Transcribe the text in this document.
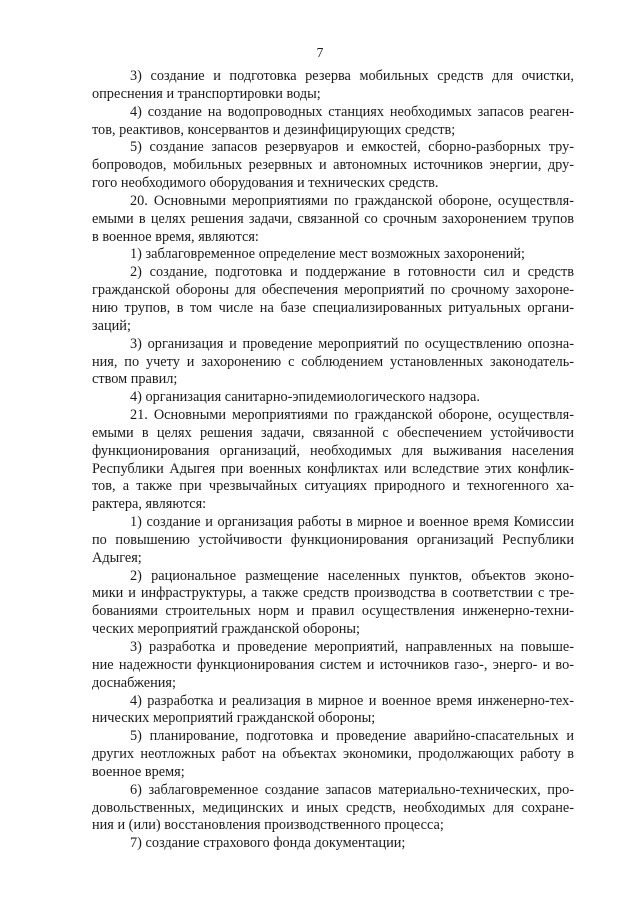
7
3) создание и подготовка резерва мобильных средств для очистки,
опреснения и транспортировки воды;
4) создание на водопроводных станциях необходимых запасов реаген-
тов, реактивов, консервантов и дезинфицирующих средств;
5) создание запасов резервуаров и емкостей, сборно-разборных тру-
бопроводов, мобильных резервных и автономных источников энергии, дру-
гого необходимого оборудования и технических средств.
20. Основными мероприятиями по гражданской обороне, осуществля-
емыми в целях решения задачи, связанной со срочным захоронением трупов
в военное время, являются:
1) заблаговременное определение мест возможных захоронений;
2) создание, подготовка и поддержание в готовности сил и средств
гражданской обороны для обеспечения мероприятий по срочному захороне-
нию трупов, в том числе на базе специализированных ритуальных органи-
заций;
3) организация и проведение мероприятий по осуществлению опозна-
ния, по учету и захоронению с соблюдением установленных законодатель-
ством правил;
4) организация санитарно-эпидемиологического надзора.
21. Основными мероприятиями по гражданской обороне, осуществля-
емыми в целях решения задачи, связанной с обеспечением устойчивости
функционирования организаций, необходимых для выживания населения
Республики Адыгея при военных конфликтах или вследствие этих конфлик-
тов, а также при чрезвычайных ситуациях природного и техногенного ха-
рактера, являются:
1) создание и организация работы в мирное и военное время Комиссии
по повышению устойчивости функционирования организаций Республики
Адыгея;
2) рациональное размещение населенных пунктов, объектов эконо-
мики и инфраструктуры, а также средств производства в соответствии с тре-
бованиями строительных норм и правил осуществления инженерно-техни-
ческих мероприятий гражданской обороны;
3) разработка и проведение мероприятий, направленных на повыше-
ние надежности функционирования систем и источников газо-, энерго- и во-
доснабжения;
4) разработка и реализация в мирное и военное время инженерно-тех-
нических мероприятий гражданской обороны;
5) планирование, подготовка и проведение аварийно-спасательных и
других неотложных работ на объектах экономики, продолжающих работу в
военное время;
6) заблаговременное создание запасов материально-технических, про-
довольственных, медицинских и иных средств, необходимых для сохране-
ния и (или) восстановления производственного процесса;
7) создание страхового фонда документации;
